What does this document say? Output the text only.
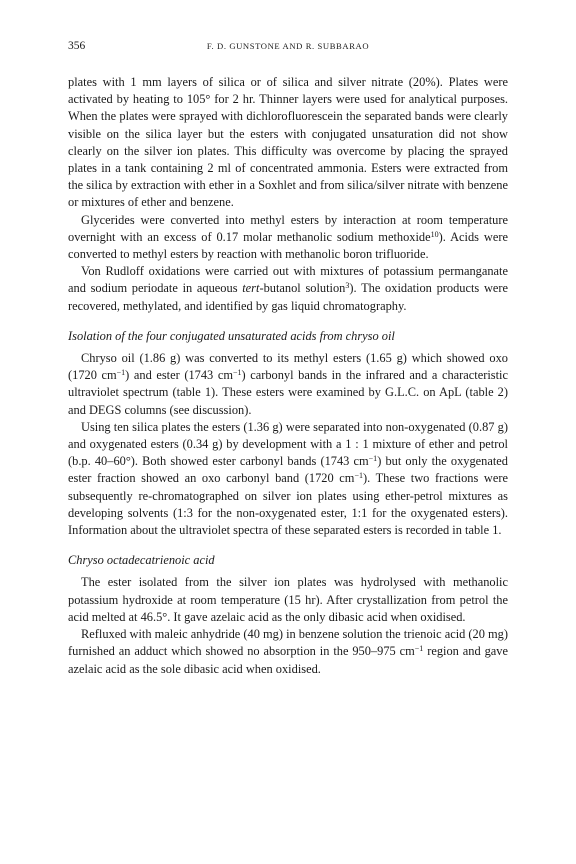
356	F. D. GUNSTONE AND R. SUBBARAO

plates with 1 mm layers of silica or of silica and silver nitrate (20%). Plates were activated by heating to 105° for 2 hr. Thinner layers were used for analytical purposes. When the plates were sprayed with dichlorofluorescein the separated bands were clearly visible on the silica layer but the esters with conjugated unsaturation did not show clearly on the silver ion plates. This difficulty was overcome by placing the sprayed plates in a tank containing 2 ml of concentrated ammonia. Esters were extracted from the silica by extraction with ether in a Soxhlet and from silica/silver nitrate with benzene or mixtures of ether and benzene.

Glycerides were converted into methyl esters by interaction at room temperature overnight with an excess of 0.17 molar methanolic sodium methoxide$^{10}$). Acids were converted to methyl esters by reaction with methanolic boron trifluoride.

Von Rudloff oxidations were carried out with mixtures of potassium permanganate and sodium periodate in aqueous tert-butanol solution$^3$). The oxidation products were recovered, methylated, and identified by gas liquid chromatography.

Isolation of the four conjugated unsaturated acids from chryso oil

Chryso oil (1.86 g) was converted to its methyl esters (1.65 g) which showed oxo (1720 $cm^{-1}$) and ester (1743 $cm^{-1}$) carbonyl bands in the infrared and a characteristic ultraviolet spectrum (table 1). These esters were examined by G.L.C. on ApL (table 2) and DEGS columns (see discussion).

Using ten silica plates the esters (1.36 g) were separated into non-oxygenated (0.87 g) and oxygenated esters (0.34 g) by development with a 1 : 1 mixture of ether and petrol (b.p. 40–60°). Both showed ester carbonyl bands (1743 $cm^{-1}$) but only the oxygenated ester fraction showed an oxo carbonyl band (1720 $cm^{-1}$). These two fractions were subsequently re-chromatographed on silver ion plates using ether-petrol mixtures as developing solvents (1:3 for the non-oxygenated ester, 1:1 for the oxygenated esters). Information about the ultraviolet spectra of these separated esters is recorded in table 1.

Chryso octadecatrienoic acid

The ester isolated from the silver ion plates was hydrolysed with methanolic potassium hydroxide at room temperature (15 hr). After crystallization from petrol the acid melted at 46.5°. It gave azelaic acid as the only dibasic acid when oxidised.

Refluxed with maleic anhydride (40 mg) in benzene solution the trienoic acid (20 mg) furnished an adduct which showed no absorption in the 950–975 $cm^{-1}$ region and gave azelaic acid as the sole dibasic acid when oxidised.
